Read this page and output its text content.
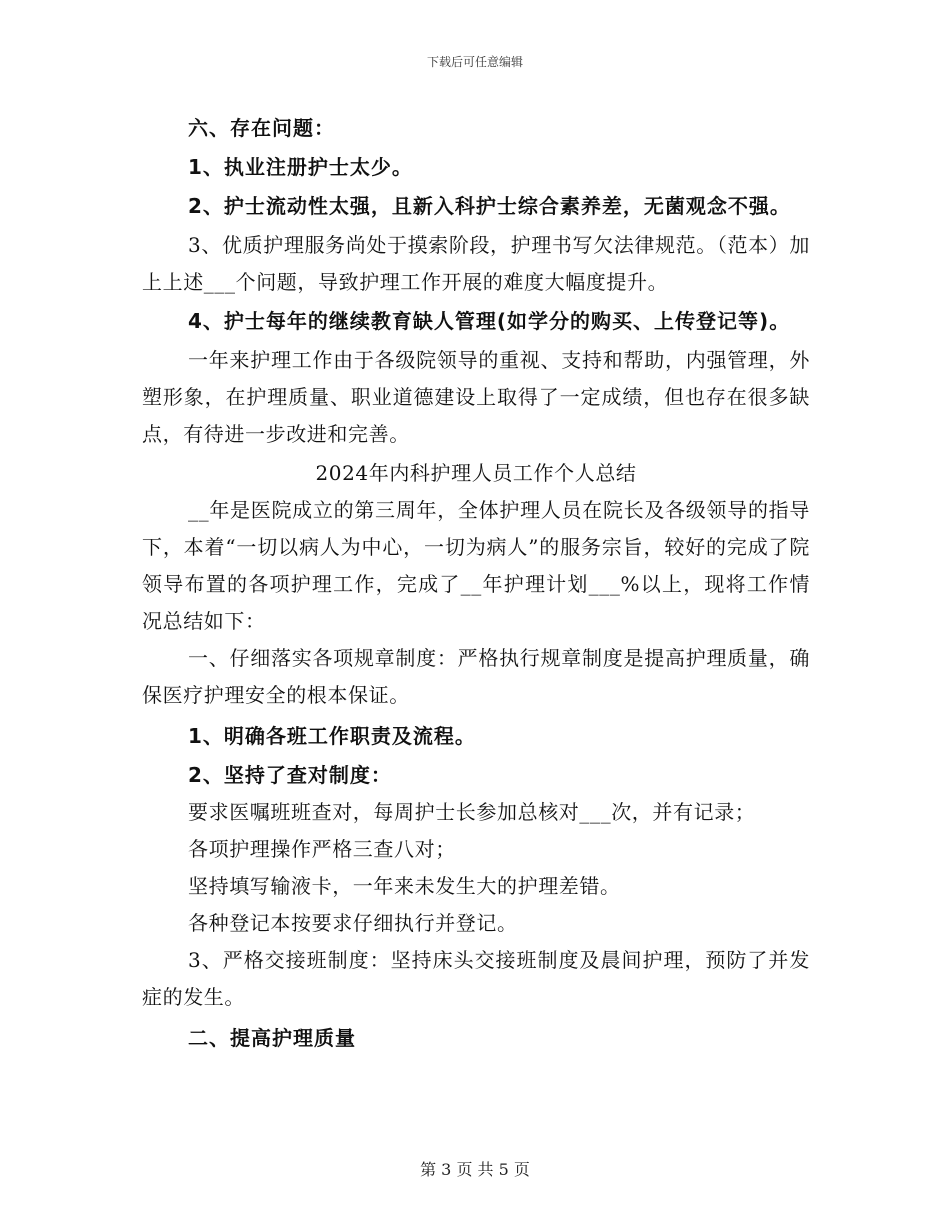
下载后可任意编辑

六、存在问题：

1、执业注册护士太少。

2、护士流动性太强，且新入科护士综合素养差，无菌观念不强。

3、优质护理服务尚处于摸索阶段，护理书写欠法律规范。（范本）加上上述___个问题，导致护理工作开展的难度大幅度提升。

4、护士每年的继续教育缺人管理(如学分的购买、上传登记等)。

一年来护理工作由于各级院领导的重视、支持和帮助，内强管理，外塑形象，在护理质量、职业道德建设上取得了一定成绩，但也存在很多缺点，有待进一步改进和完善。

2024年内科护理人员工作个人总结

__年是医院成立的第三周年，全体护理人员在院长及各级领导的指导下，本着“一切以病人为中心，一切为病人”的服务宗旨，较好的完成了院领导布置的各项护理工作，完成了__年护理计划___%以上，现将工作情况总结如下：

一、仔细落实各项规章制度：严格执行规章制度是提高护理质量，确保医疗护理安全的根本保证。

1、明确各班工作职责及流程。

2、坚持了查对制度：

要求医嘱班班查对，每周护士长参加总核对___次，并有记录；

各项护理操作严格三查八对；

坚持填写输液卡，一年来未发生大的护理差错。

各种登记本按要求仔细执行并登记。

3、严格交接班制度：坚持床头交接班制度及晨间护理，预防了并发症的发生。

二、提高护理质量

第 3 页 共 5 页
